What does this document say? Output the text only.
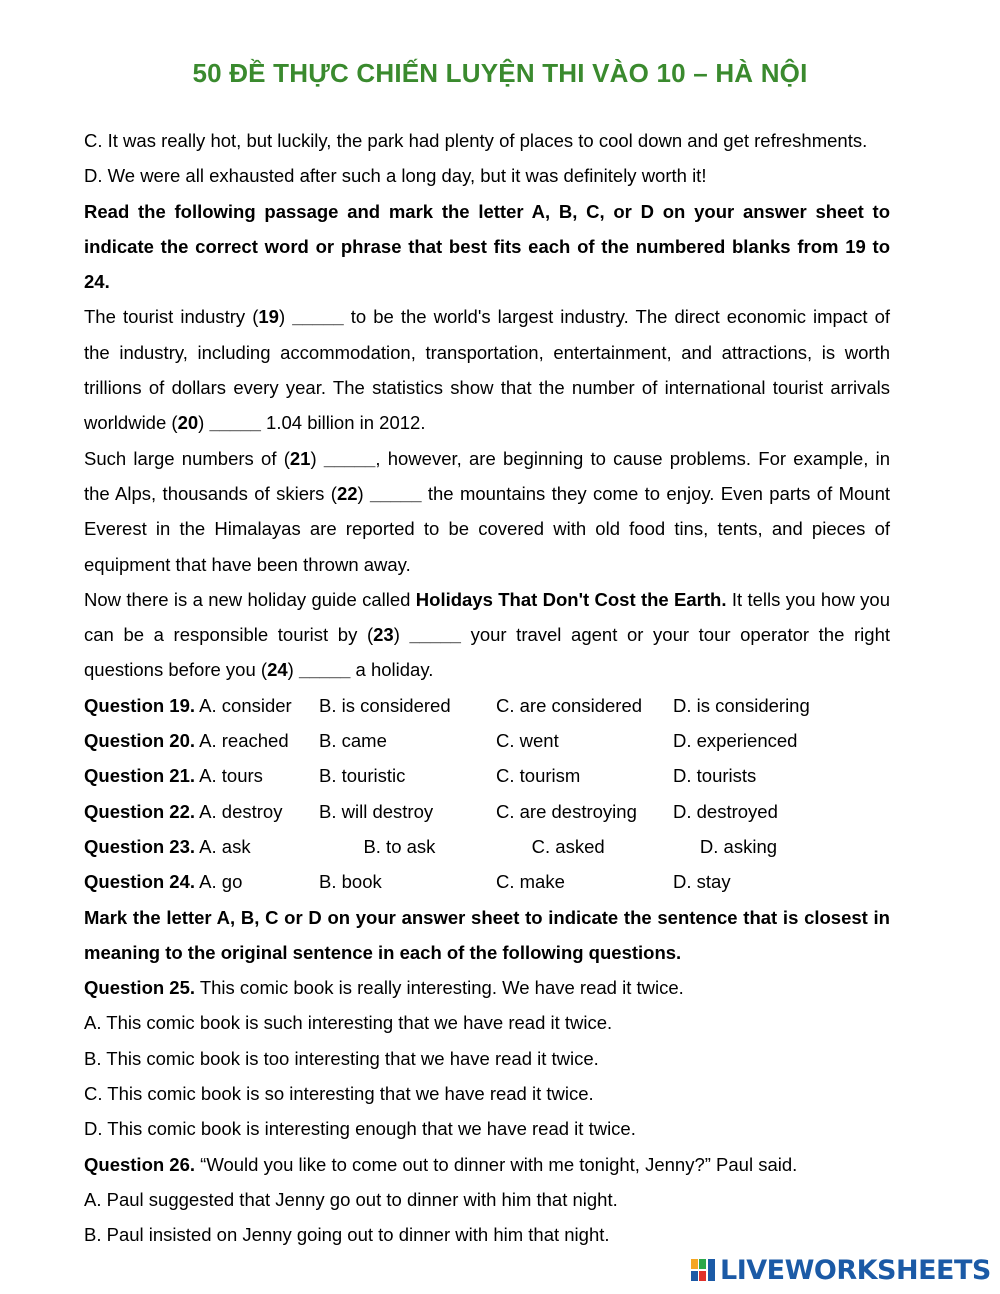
50 ĐỀ THỰC CHIẾN LUYỆN THI VÀO 10 – HÀ NỘI

C. It was really hot, but luckily, the park had plenty of places to cool down and get refreshments.

D. We were all exhausted after such a long day, but it was definitely worth it!

Read the following passage and mark the letter A, B, C, or D on your answer sheet to indicate the correct word or phrase that best fits each of the numbered blanks from 19 to 24.

The tourist industry (19) _____ to be the world's largest industry. The direct economic impact of the industry, including accommodation, transportation, entertainment, and attractions, is worth trillions of dollars every year. The statistics show that the number of international tourist arrivals worldwide (20) _____ 1.04 billion in 2012.

Such large numbers of (21) _____, however, are beginning to cause problems. For example, in the Alps, thousands of skiers (22) _____ the mountains they come to enjoy. Even parts of Mount Everest in the Himalayas are reported to be covered with old food tins, tents, and pieces of equipment that have been thrown away.

Now there is a new holiday guide called Holidays That Don't Cost the Earth. It tells you how you can be a responsible tourist by (23) _____ your travel agent or your tour operator the right questions before you (24) _____ a holiday.

Question 19. A. consider	B. is considered	C. are considered	D. is considering
Question 20. A. reached	B. came	C. went	D. experienced
Question 21. A. tours	B. touristic	C. tourism	D. tourists
Question 22. A. destroy	B. will destroy	C. are destroying	D. destroyed
Question 23. A. ask	B. to ask	C. asked	D. asking
Question 24. A. go	B. book	C. make	D. stay

Mark the letter A, B, C or D on your answer sheet to indicate the sentence that is closest in meaning to the original sentence in each of the following questions.

Question 25. This comic book is really interesting. We have read it twice.

A. This comic book is such interesting that we have read it twice.

B. This comic book is too interesting that we have read it twice.

C. This comic book is so interesting that we have read it twice.

D. This comic book is interesting enough that we have read it twice.

Question 26. “Would you like to come out to dinner with me tonight, Jenny?” Paul said.

A. Paul suggested that Jenny go out to dinner with him that night.

B. Paul insisted on Jenny going out to dinner with him that night.

LIVEWORKSHEETS
